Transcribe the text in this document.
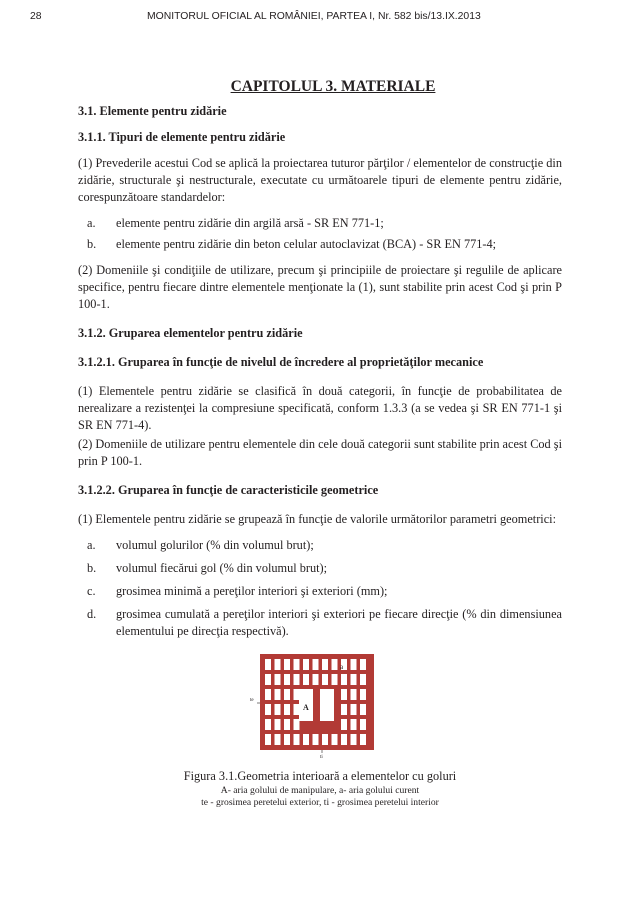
28	MONITORUL OFICIAL AL ROMÂNIEI, PARTEA I, Nr. 582 bis/13.IX.2013
CAPITOLUL 3. MATERIALE
3.1. Elemente pentru zidărie
3.1.1. Tipuri de elemente pentru zidărie

(1) Prevederile acestui Cod se aplică la proiectarea tuturor părţilor / elementelor de construcţie din zidărie, structurale şi nestructurale, executate cu următoarele tipuri de elemente pentru zidărie, corespunzătoare standardelor:

a.	elemente pentru zidărie din argilă arsă - SR EN 771-1;
b.	elemente pentru zidărie din beton celular autoclavizat (BCA) - SR EN 771-4;

(2) Domeniile şi condiţiile de utilizare, precum şi principiile de proiectare şi regulile de aplicare specifice, pentru fiecare dintre elementele menţionate la (1), sunt stabilite prin acest Cod şi prin P 100-1.

3.1.2. Gruparea elementelor pentru zidărie
3.1.2.1. Gruparea în funcţie de nivelul de încredere al proprietăţilor mecanice

(1) Elementele pentru zidărie se clasifică în două categorii, în funcţie de probabilitatea de nerealizare a rezistenţei la compresiune specificată, conform 1.3.3 (a se vedea şi SR EN 771-1 şi SR EN 771-4).

(2) Domeniile de utilizare pentru elementele din cele două categorii sunt stabilite prin acest Cod şi prin P 100-1.

3.1.2.2. Gruparea în funcţie de caracteristicile geometrice

(1) Elementele pentru zidărie se grupează în funcţie de valorile următorilor parametri geometrici:

a.	volumul golurilor (% din volumul brut);
b.	volumul fiecărui gol (% din volumul brut);
c.	grosimea minimă a pereţilor interiori şi exteriori (mm);
d.	grosimea cumulată a pereţilor interiori şi exteriori pe fiecare direcţie (% din dimensiunea elementului pe direcţia respectivă).
A
a
te
ti
Figura 3.1.Geometria interioară a elementelor cu goluri
A- aria golului de manipulare, a- aria golului curent
te - grosimea peretelui exterior, ti - grosimea peretelui interior
